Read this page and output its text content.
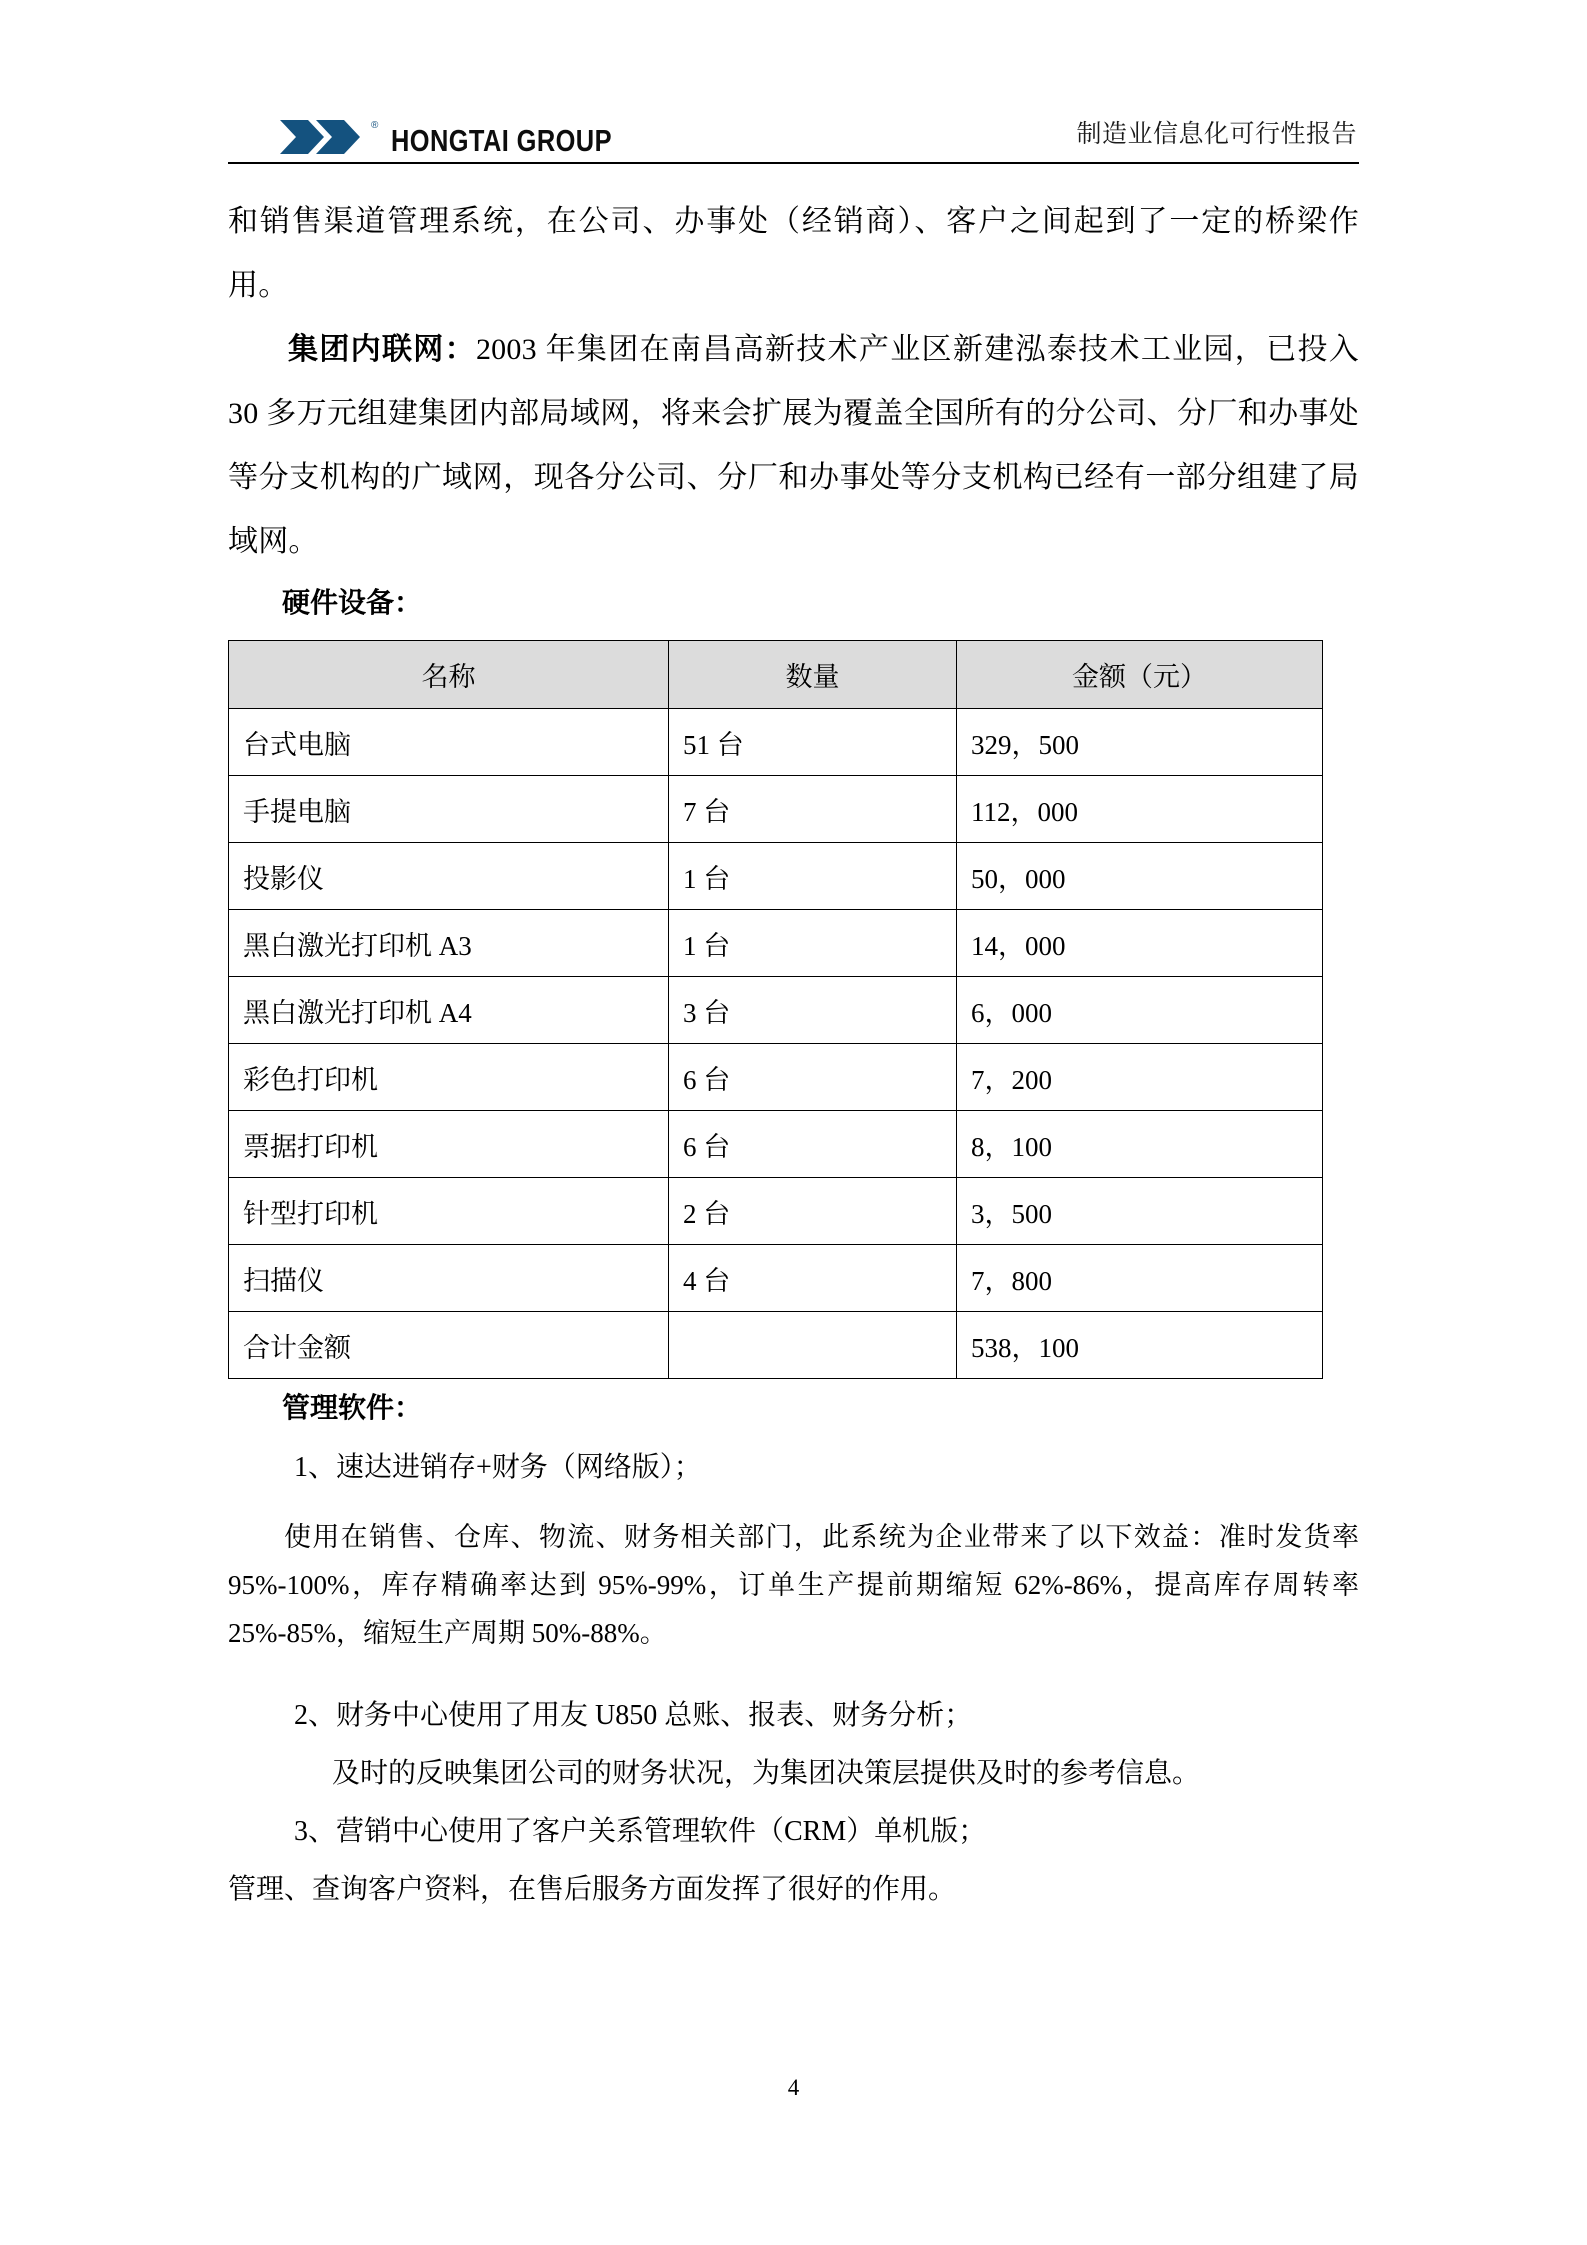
® HONGTAI GROUP	制造业信息化可行性报告

和销售渠道管理系统，在公司、办事处（经销商）、客户之间起到了一定的桥梁作用。

集团内联网：2003 年集团在南昌高新技术产业区新建泓泰技术工业园，已投入 30 多万元组建集团内部局域网，将来会扩展为覆盖全国所有的分公司、分厂和办事处等分支机构的广域网，现各分公司、分厂和办事处等分支机构已经有一部分组建了局域网。

硬件设备：

名称	数量	金额（元）
台式电脑	51 台	329，500
手提电脑	7 台	112，000
投影仪	1 台	50，000
黑白激光打印机 A3	1 台	14，000
黑白激光打印机 A4	3 台	6，000
彩色打印机	6 台	7，200
票据打印机	6 台	8，100
针型打印机	2 台	3，500
扫描仪	4 台	7，800
合计金额		538，100

管理软件：

1、速达进销存+财务（网络版）；

使用在销售、仓库、物流、财务相关部门，此系统为企业带来了以下效益：准时发货率 95%-100%，库存精确率达到 95%-99%，订单生产提前期缩短 62%-86%，提高库存周转率 25%-85%，缩短生产周期 50%-88%。

2、财务中心使用了用友 U850 总账、报表、财务分析；

及时的反映集团公司的财务状况，为集团决策层提供及时的参考信息。

3、营销中心使用了客户关系管理软件（CRM）单机版；

管理、查询客户资料，在售后服务方面发挥了很好的作用。

4
